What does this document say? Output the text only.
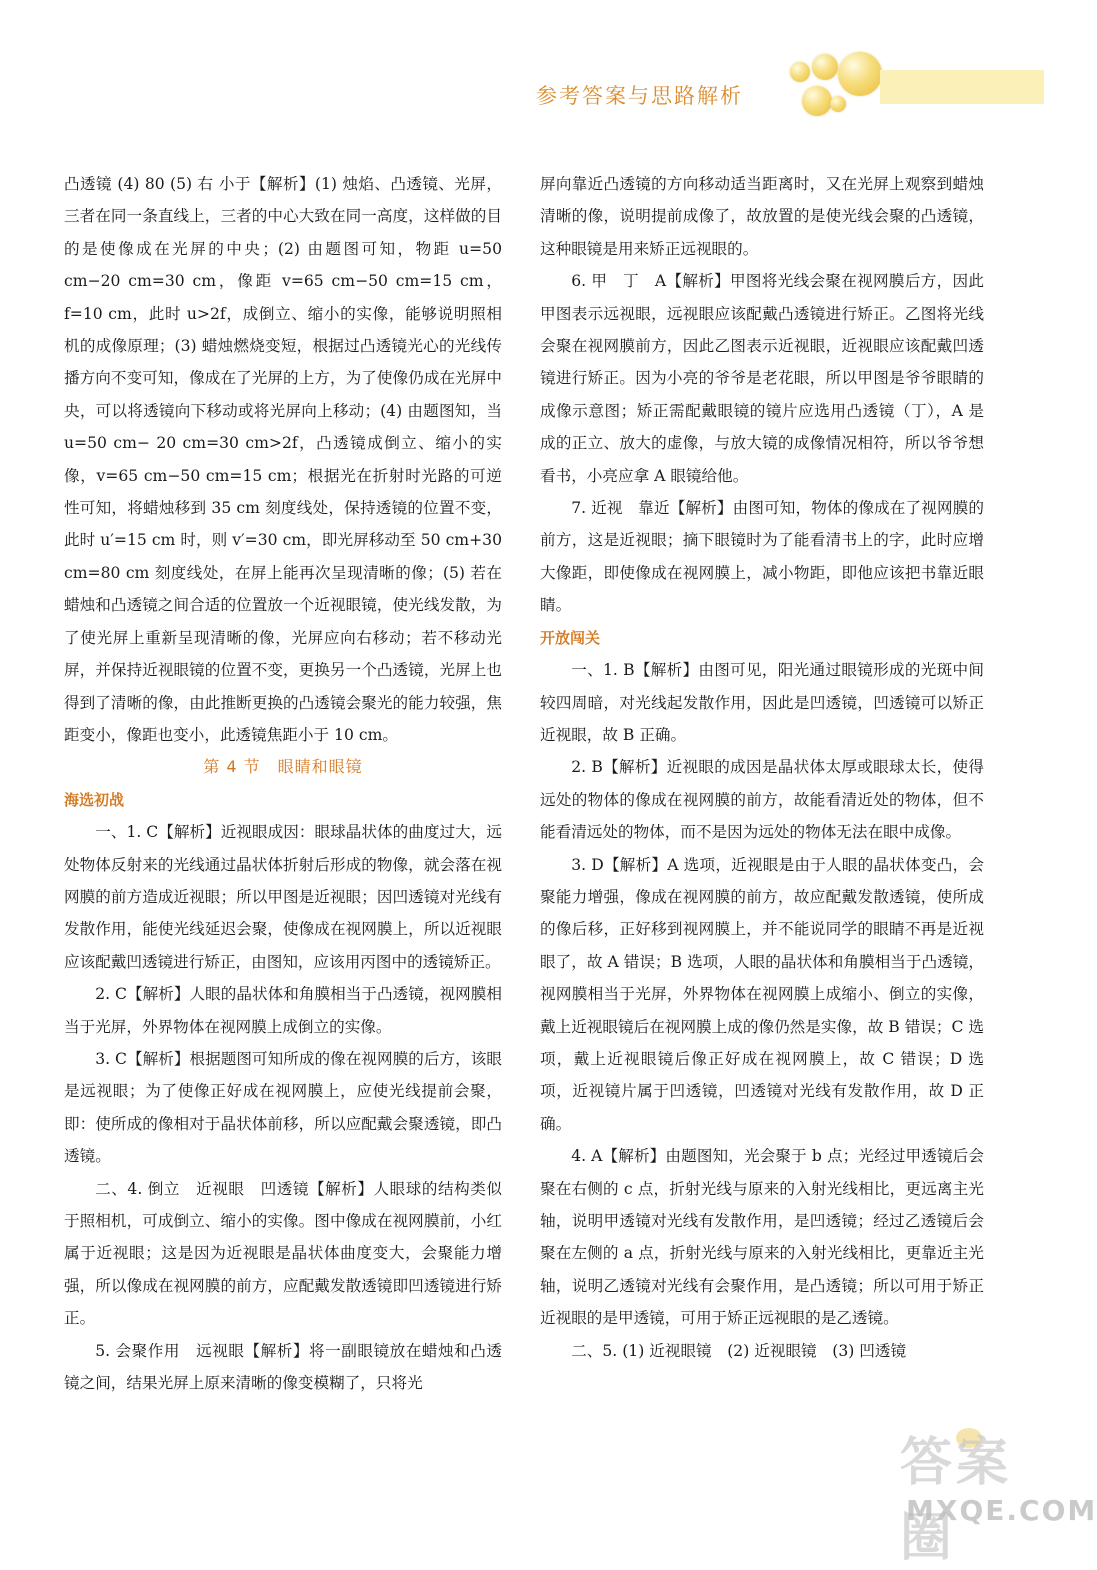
参考答案与思路解析

凸透镜 (4) 80 (5) 右 小于【解析】(1) 烛焰、凸透镜、光屏，三者在同一条直线上，三者的中心大致在同一高度，这样做的目的是使像成在光屏的中央；(2) 由题图可知，物距 u=50 cm−20 cm=30 cm，像距 v=65 cm−50 cm=15 cm，f=10 cm，此时 u>2f，成倒立、缩小的实像，能够说明照相机的成像原理；(3) 蜡烛燃烧变短，根据过凸透镜光心的光线传播方向不变可知，像成在了光屏的上方，为了使像仍成在光屏中央，可以将透镜向下移动或将光屏向上移动；(4) 由题图知，当 u=50 cm− 20 cm=30 cm>2f，凸透镜成倒立、缩小的实像，v=65 cm−50 cm=15 cm；根据光在折射时光路的可逆性可知，将蜡烛移到 35 cm 刻度线处，保持透镜的位置不变，此时 u′=15 cm 时，则 v′=30 cm，即光屏移动至 50 cm+30 cm=80 cm 刻度线处，在屏上能再次呈现清晰的像；(5) 若在蜡烛和凸透镜之间合适的位置放一个近视眼镜，使光线发散，为了使光屏上重新呈现清晰的像，光屏应向右移动；若不移动光屏，并保持近视眼镜的位置不变，更换另一个凸透镜，光屏上也得到了清晰的像，由此推断更换的凸透镜会聚光的能力较强，焦距变小，像距也变小，此透镜焦距小于 10 cm。

第 4 节　眼睛和眼镜

海选初战

一、1. C【解析】近视眼成因：眼球晶状体的曲度过大，远处物体反射来的光线通过晶状体折射后形成的物像，就会落在视网膜的前方造成近视眼；所以甲图是近视眼；因凹透镜对光线有发散作用，能使光线延迟会聚，使像成在视网膜上，所以近视眼应该配戴凹透镜进行矫正，由图知，应该用丙图中的透镜矫正。

2. C【解析】人眼的晶状体和角膜相当于凸透镜，视网膜相当于光屏，外界物体在视网膜上成倒立的实像。

3. C【解析】根据题图可知所成的像在视网膜的后方，该眼是远视眼；为了使像正好成在视网膜上，应使光线提前会聚，即：使所成的像相对于晶状体前移，所以应配戴会聚透镜，即凸透镜。

二、4. 倒立　近视眼　凹透镜【解析】人眼球的结构类似于照相机，可成倒立、缩小的实像。图中像成在视网膜前，小红属于近视眼；这是因为近视眼是晶状体曲度变大，会聚能力增强，所以像成在视网膜的前方，应配戴发散透镜即凹透镜进行矫正。

5. 会聚作用　远视眼【解析】将一副眼镜放在蜡烛和凸透镜之间，结果光屏上原来清晰的像变模糊了，只将光

屏向靠近凸透镜的方向移动适当距离时，又在光屏上观察到蜡烛清晰的像，说明提前成像了，故放置的是使光线会聚的凸透镜，这种眼镜是用来矫正远视眼的。

6. 甲　丁　A【解析】甲图将光线会聚在视网膜后方，因此甲图表示远视眼，远视眼应该配戴凸透镜进行矫正。乙图将光线会聚在视网膜前方，因此乙图表示近视眼，近视眼应该配戴凹透镜进行矫正。因为小亮的爷爷是老花眼，所以甲图是爷爷眼睛的成像示意图；矫正需配戴眼镜的镜片应选用凸透镜（丁），A 是成的正立、放大的虚像，与放大镜的成像情况相符，所以爷爷想看书，小亮应拿 A 眼镜给他。

7. 近视　靠近【解析】由图可知，物体的像成在了视网膜的前方，这是近视眼；摘下眼镜时为了能看清书上的字，此时应增大像距，即使像成在视网膜上，减小物距，即他应该把书靠近眼睛。

开放闯关

一、1. B【解析】由图可见，阳光通过眼镜形成的光斑中间较四周暗，对光线起发散作用，因此是凹透镜，凹透镜可以矫正近视眼，故 B 正确。

2. B【解析】近视眼的成因是晶状体太厚或眼球太长，使得远处的物体的像成在视网膜的前方，故能看清近处的物体，但不能看清远处的物体，而不是因为远处的物体无法在眼中成像。

3. D【解析】A 选项，近视眼是由于人眼的晶状体变凸，会聚能力增强，像成在视网膜的前方，故应配戴发散透镜，使所成的像后移，正好移到视网膜上，并不能说同学的眼睛不再是近视眼了，故 A 错误；B 选项，人眼的晶状体和角膜相当于凸透镜，视网膜相当于光屏，外界物体在视网膜上成缩小、倒立的实像，戴上近视眼镜后在视网膜上成的像仍然是实像，故 B 错误；C 选项，戴上近视眼镜后像正好成在视网膜上，故 C 错误；D 选项，近视镜片属于凹透镜，凹透镜对光线有发散作用，故 D 正确。

4. A【解析】由题图知，光会聚于 b 点；光经过甲透镜后会聚在右侧的 c 点，折射光线与原来的入射光线相比，更远离主光轴，说明甲透镜对光线有发散作用，是凹透镜；经过乙透镜后会聚在左侧的 a 点，折射光线与原来的入射光线相比，更靠近主光轴，说明乙透镜对光线有会聚作用，是凸透镜；所以可用于矫正近视眼的是甲透镜，可用于矫正远视眼的是乙透镜。

二、5. (1) 近视眼镜　(2) 近视眼镜　(3) 凹透镜

答案圈
MXQE.COM
